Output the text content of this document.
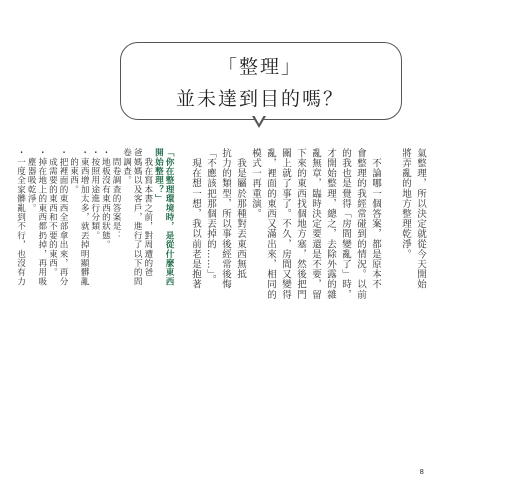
「整理」
並未達到目的嗎？
氣整理，所以決定就從今天開始
將弄亂的地方整理乾淨。
　不論哪一個答案，都是原本不
會整理的我經常碰到的情況。以前
的我也是覺得「房間變亂了」時，
才開始整理，總之，去除外露的雜
亂無章，臨時決定要還是不要，留
下來的東西找個地方塞，然後把門
關上就了事了。不久，房間又變得
亂，裡面的東西又滿出來，相同的
模式一再重演。
　我是屬於那種對丟東西無抵
抗力的類型，所以事後經常後悔
「不應該把那個丟掉的……」。
　現在想一想，我以前老是抱著
8
「你在整理環境時，是從什麼東西
開始整理？」
　我在寫本書之前，對周遭的爸
爸媽媽以及客戶，進行了以下的問
卷調查。
　問卷調查的答案是：
・地板沒有東西的狀態。
・按照用途進行分類。
・東西增加太多，就丟掉明顯髒亂
　的東西。
・把裡面的東西全部拿出來，再分
　成需要的東西和不要的東西。
・掉在地上的東西都扔掉，再用吸
　塵器吸乾淨。
・一度全家髒亂到不行，也沒有力
